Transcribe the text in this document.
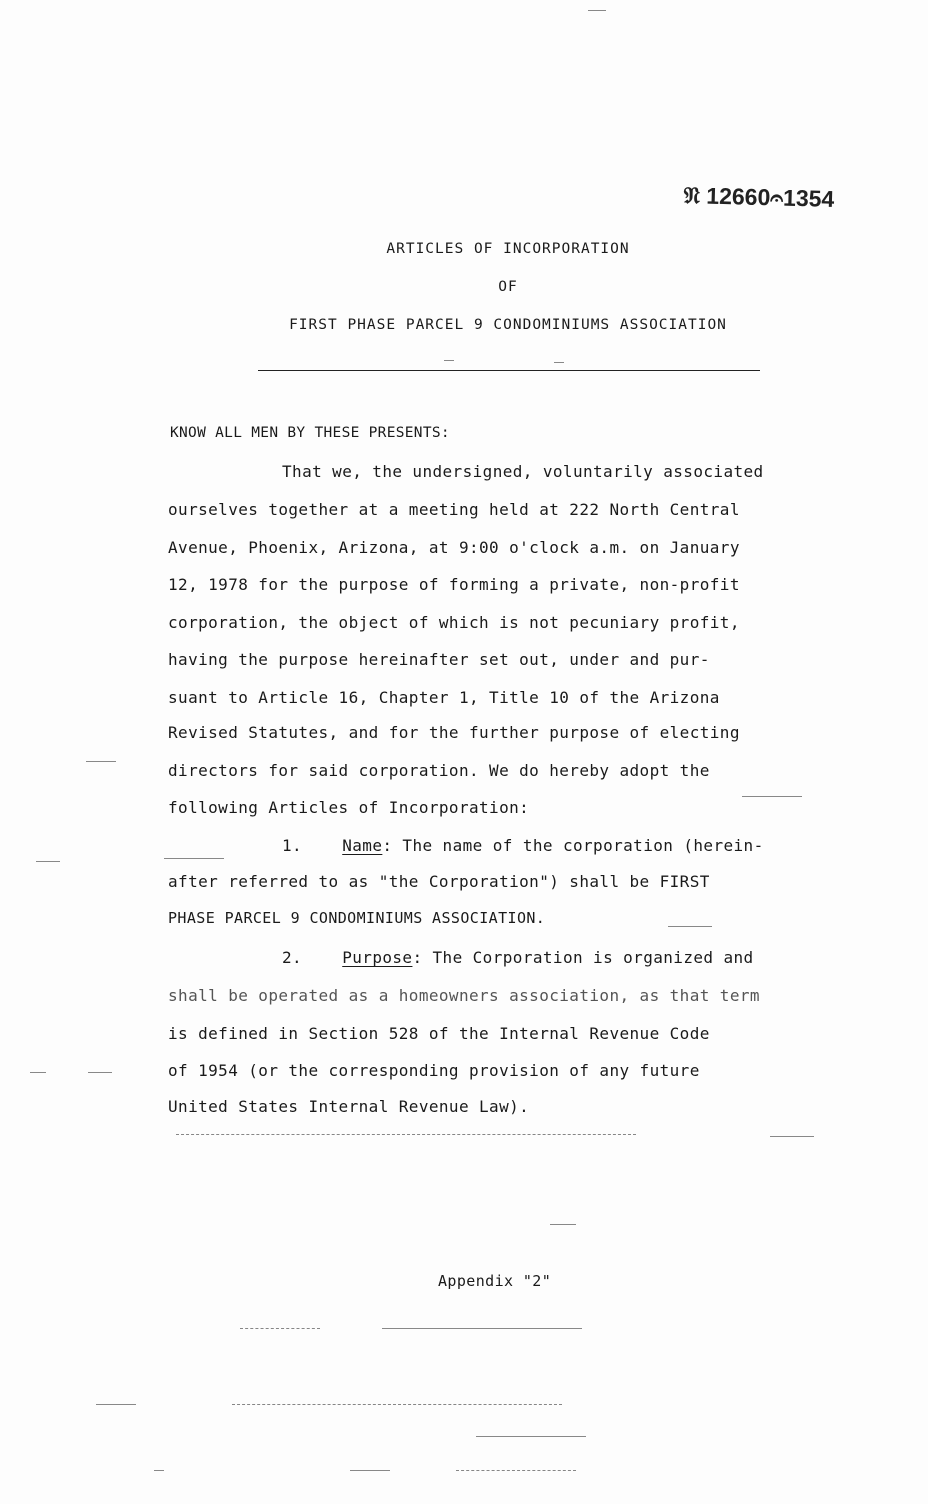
𝔑 12660𝄐1354
ARTICLES OF INCORPORATION
OF
FIRST PHASE PARCEL 9 CONDOMINIUMS ASSOCIATION
KNOW ALL MEN BY THESE PRESENTS:
That we, the undersigned, voluntarily associated
ourselves together at a meeting held at 222 North Central
Avenue, Phoenix, Arizona, at 9:00 o'clock a.m. on January
12, 1978 for the purpose of forming a private, non-profit
corporation, the object of which is not pecuniary profit,
having the purpose hereinafter set out, under and pur-
suant to Article 16, Chapter 1, Title 10 of the Arizona
Revised Statutes, and for the further purpose of electing
directors for said corporation. We do hereby adopt the
following Articles of Incorporation:
1.	Name: The name of the corporation (herein-
after referred to as "the Corporation") shall be FIRST
PHASE PARCEL 9 CONDOMINIUMS ASSOCIATION.
2.	Purpose: The Corporation is organized and
shall be operated as a homeowners association, as that term
is defined in Section 528 of the Internal Revenue Code
of 1954 (or the corresponding provision of any future
United States Internal Revenue Law).
Appendix "2"
